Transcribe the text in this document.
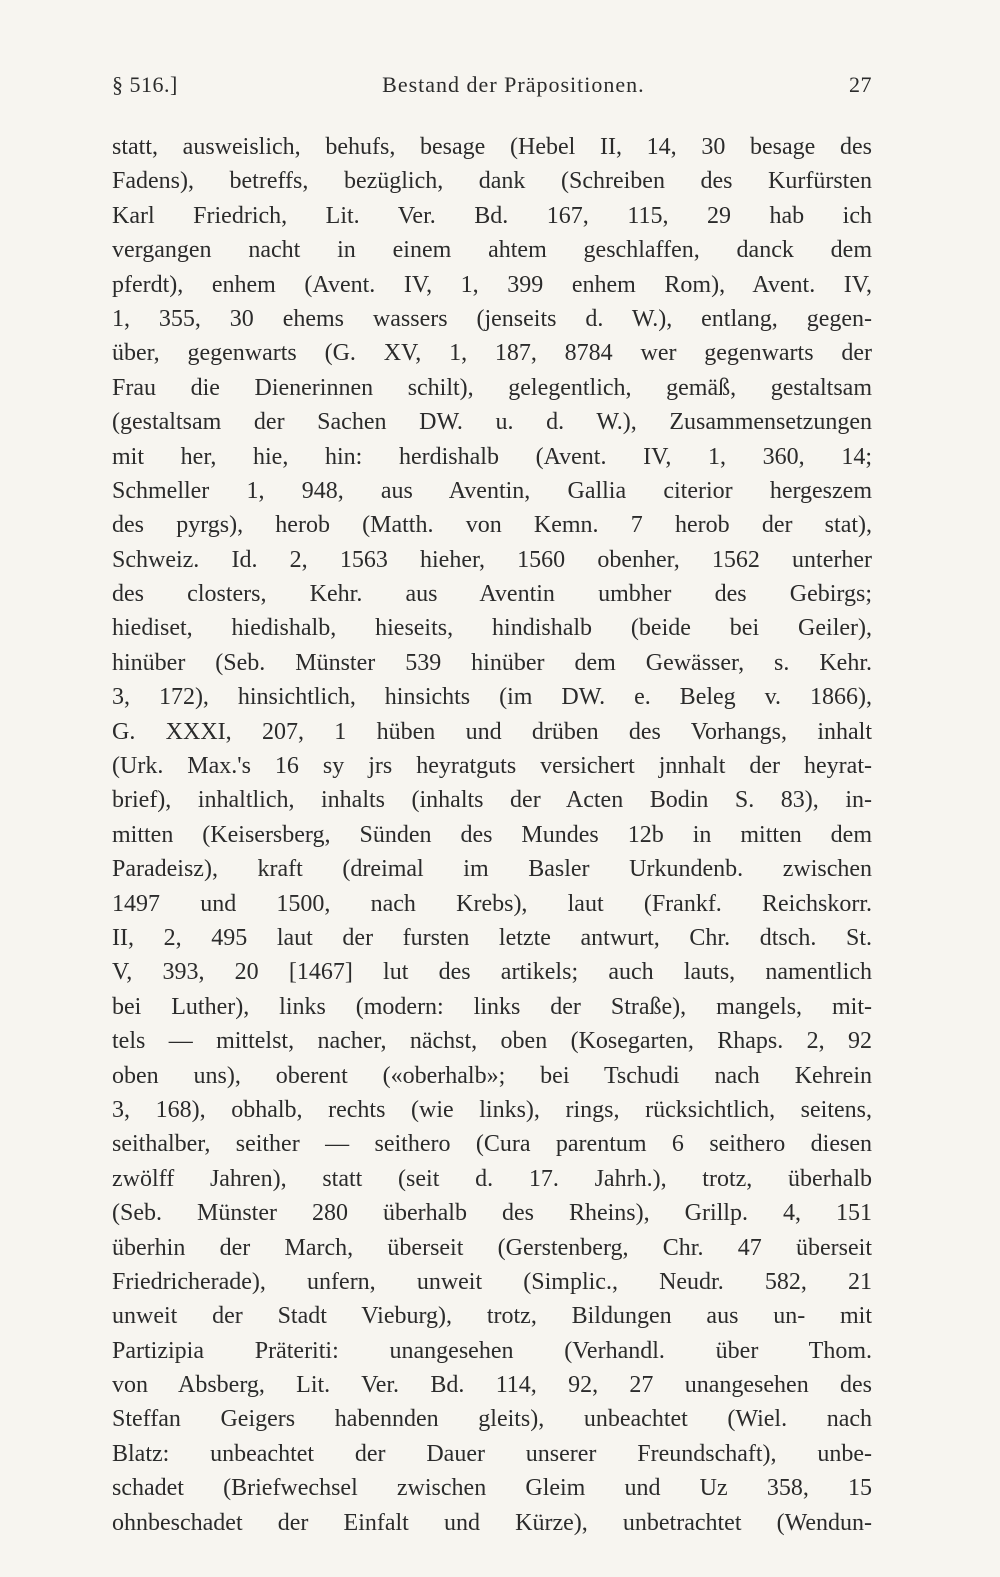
§ 516.]	Bestand der Präpositionen.	27
statt, ausweislich, behufs, besage (Hebel II, 14, 30 besage des
Fadens), betreffs, bezüglich, dank (Schreiben des Kurfürsten
Karl Friedrich, Lit. Ver. Bd. 167, 115, 29 hab ich
vergangen nacht in einem ahtem geschlaffen, danck dem
pferdt), enhem (Avent. IV, 1, 399 enhem Rom), Avent. IV,
1, 355, 30 ehems wassers (jenseits d. W.), entlang, gegen-
über, gegenwarts (G. XV, 1, 187, 8784 wer gegenwarts der
Frau die Dienerinnen schilt), gelegentlich, gemäß, gestaltsam
(gestaltsam der Sachen DW. u. d. W.), Zusammensetzungen
mit her, hie, hin: herdishalb (Avent. IV, 1, 360, 14;
Schmeller 1, 948, aus Aventin, Gallia citerior hergeszem
des pyrgs), herob (Matth. von Kemn. 7 herob der stat),
Schweiz. Id. 2, 1563 hieher, 1560 obenher, 1562 unterher
des closters, Kehr. aus Aventin umbher des Gebirgs;
hiediset, hiedishalb, hieseits, hindishalb (beide bei Geiler),
hinüber (Seb. Münster 539 hinüber dem Gewässer, s. Kehr.
3, 172), hinsichtlich, hinsichts (im DW. e. Beleg v. 1866),
G. XXXI, 207, 1 hüben und drüben des Vorhangs, inhalt
(Urk. Max.'s 16 sy jrs heyratguts versichert jnnhalt der heyrat-
brief), inhaltlich, inhalts (inhalts der Acten Bodin S. 83), in-
mitten (Keisersberg, Sünden des Mundes 12b in mitten dem
Paradeisz), kraft (dreimal im Basler Urkundenb. zwischen
1497 und 1500, nach Krebs), laut (Frankf. Reichskorr.
II, 2, 495 laut der fursten letzte antwurt, Chr. dtsch. St.
V, 393, 20 [1467] lut des artikels; auch lauts, namentlich
bei Luther), links (modern: links der Straße), mangels, mit-
tels — mittelst, nacher, nächst, oben (Kosegarten, Rhaps. 2, 92
oben uns), oberent («oberhalb»; bei Tschudi nach Kehrein
3, 168), obhalb, rechts (wie links), rings, rücksichtlich, seitens,
seithalber, seither — seithero (Cura parentum 6 seithero diesen
zwölff Jahren), statt (seit d. 17. Jahrh.), trotz, überhalb
(Seb. Münster 280 überhalb des Rheins), Grillp. 4, 151
überhin der March, überseit (Gerstenberg, Chr. 47 überseit
Friedricherade), unfern, unweit (Simplic., Neudr. 582, 21
unweit der Stadt Vieburg), trotz, Bildungen aus un- mit
Partizipia Präteriti: unangesehen (Verhandl. über Thom.
von Absberg, Lit. Ver. Bd. 114, 92, 27 unangesehen des
Steffan Geigers habennden gleits), unbeachtet (Wiel. nach
Blatz: unbeachtet der Dauer unserer Freundschaft), unbe-
schadet (Briefwechsel zwischen Gleim und Uz 358, 15
ohnbeschadet der Einfalt und Kürze), unbetrachtet (Wendun-
